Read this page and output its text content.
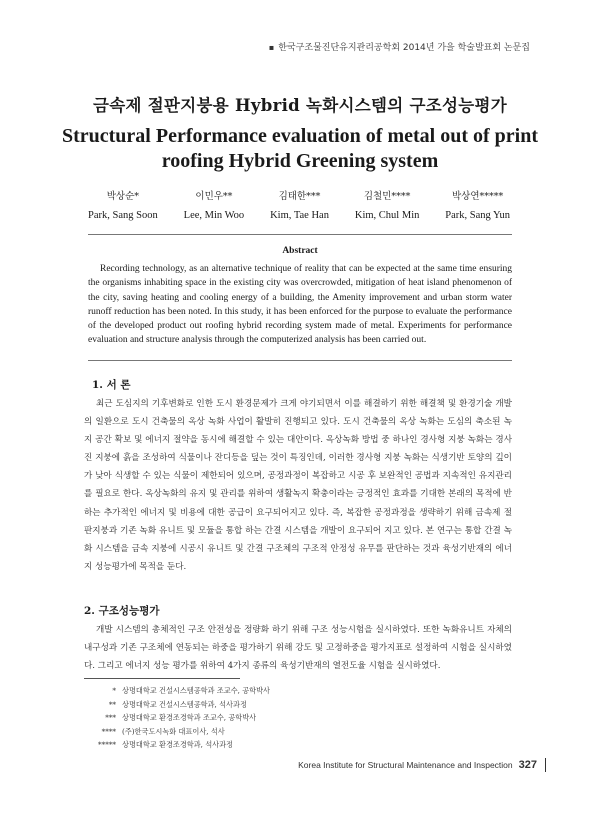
▪︎ 한국구조물진단유지관리공학회 2014년 가을 학술발표회 논문집
금속제 절판지붕용 Hybrid 녹화시스템의 구조성능평가
Structural Performance evaluation of metal out of print
roofing Hybrid Greening system
박상순*
Park, Sang Soon
이민우**
Lee, Min Woo
김태한***
Kim, Tae Han
김철민****
Kim, Chul Min
박상연*****
Park, Sang Yun
Abstract

Recording technology, as an alternative technique of reality that can be expected at the same time ensuring the organisms inhabiting space in the existing city was overcrowded, mitigation of heat island phenomenon of the city, saving heating and cooling energy of a building, the Amenity improvement and urban storm water runoff reduction has been noted. In this study, it has been enforced for the purpose to evaluate the performance of the developed product out roofing hybrid recording system made of metal. Experiments for performance evaluation and structure analysis through the computerized analysis has been carried out.

1. 서 론

최근 도심지의 기후변화로 인한 도시 환경문제가 크게 야기되면서 이를 해결하기 위한 해결책 및 환경기술 개발의 일환으로 도시 건축물의 옥상 녹화 사업이 활발히 진행되고 있다. 도시 건축물의 옥상 녹화는 도심의 축소된 녹지 공간 확보 및 에너지 절약을 동시에 해결할 수 있는 대안이다. 옥상녹화 방법 중 하나인 경사형 지붕 녹화는 경사진 지붕에 흙을 조성하여 식물이나 잔디등을 덮는 것이 특징인데, 이러한 경사형 지붕 녹화는 식생기반 토양의 깊이가 낮아 식생할 수 있는 식물이 제한되어 있으며, 공정과정이 복잡하고 시공 후 보완적인 공법과 지속적인 유지관리를 필요로 한다. 옥상녹화의 유지 및 관리를 위하여 생활녹지 확충이라는 긍정적인 효과를 기대한 본래의 목적에 반하는 추가적인 에너지 및 비용에 대한 공급이 요구되어지고 있다. 즉, 복잡한 공정과정을 생략하기 위해 금속제 절판지붕과 기존 녹화 유니트 및 모듈을 통합 하는 간결 시스템을 개발이 요구되어 지고 있다. 본 연구는 통합 간결 녹화 시스템을 금속 지붕에 시공시 유니트 및 간결 구조체의 구조적 안정성 유무를 판단하는 것과 육성기반재의 에너지 성능평가에 목적을 둔다.

2. 구조성능평가

개발 시스템의 총체적인 구조 안전성을 정량화 하기 위해 구조 성능시험을 실시하였다. 또한 녹화유니트 자체의 내구성과 기존 구조체에 연동되는 하중을 평가하기 위해 강도 및 고정하중을 평가지표로 설정하여 시험을 실시하였다. 그리고 에너지 성능 평가를 위하여 4가지 종류의 육성기반재의 열전도율 시험을 실시하였다.

* 상명대학교 건설시스템공학과 조교수, 공학박사
** 상명대학교 건설시스템공학과, 석사과정
*** 상명대학교 환경조경학과 조교수, 공학박사
**** (주)한국도시녹화 대표이사, 석사
***** 상명대학교 환경조경학과, 석사과정
Korea Institute for Structural Maintenance and Inspection 327
